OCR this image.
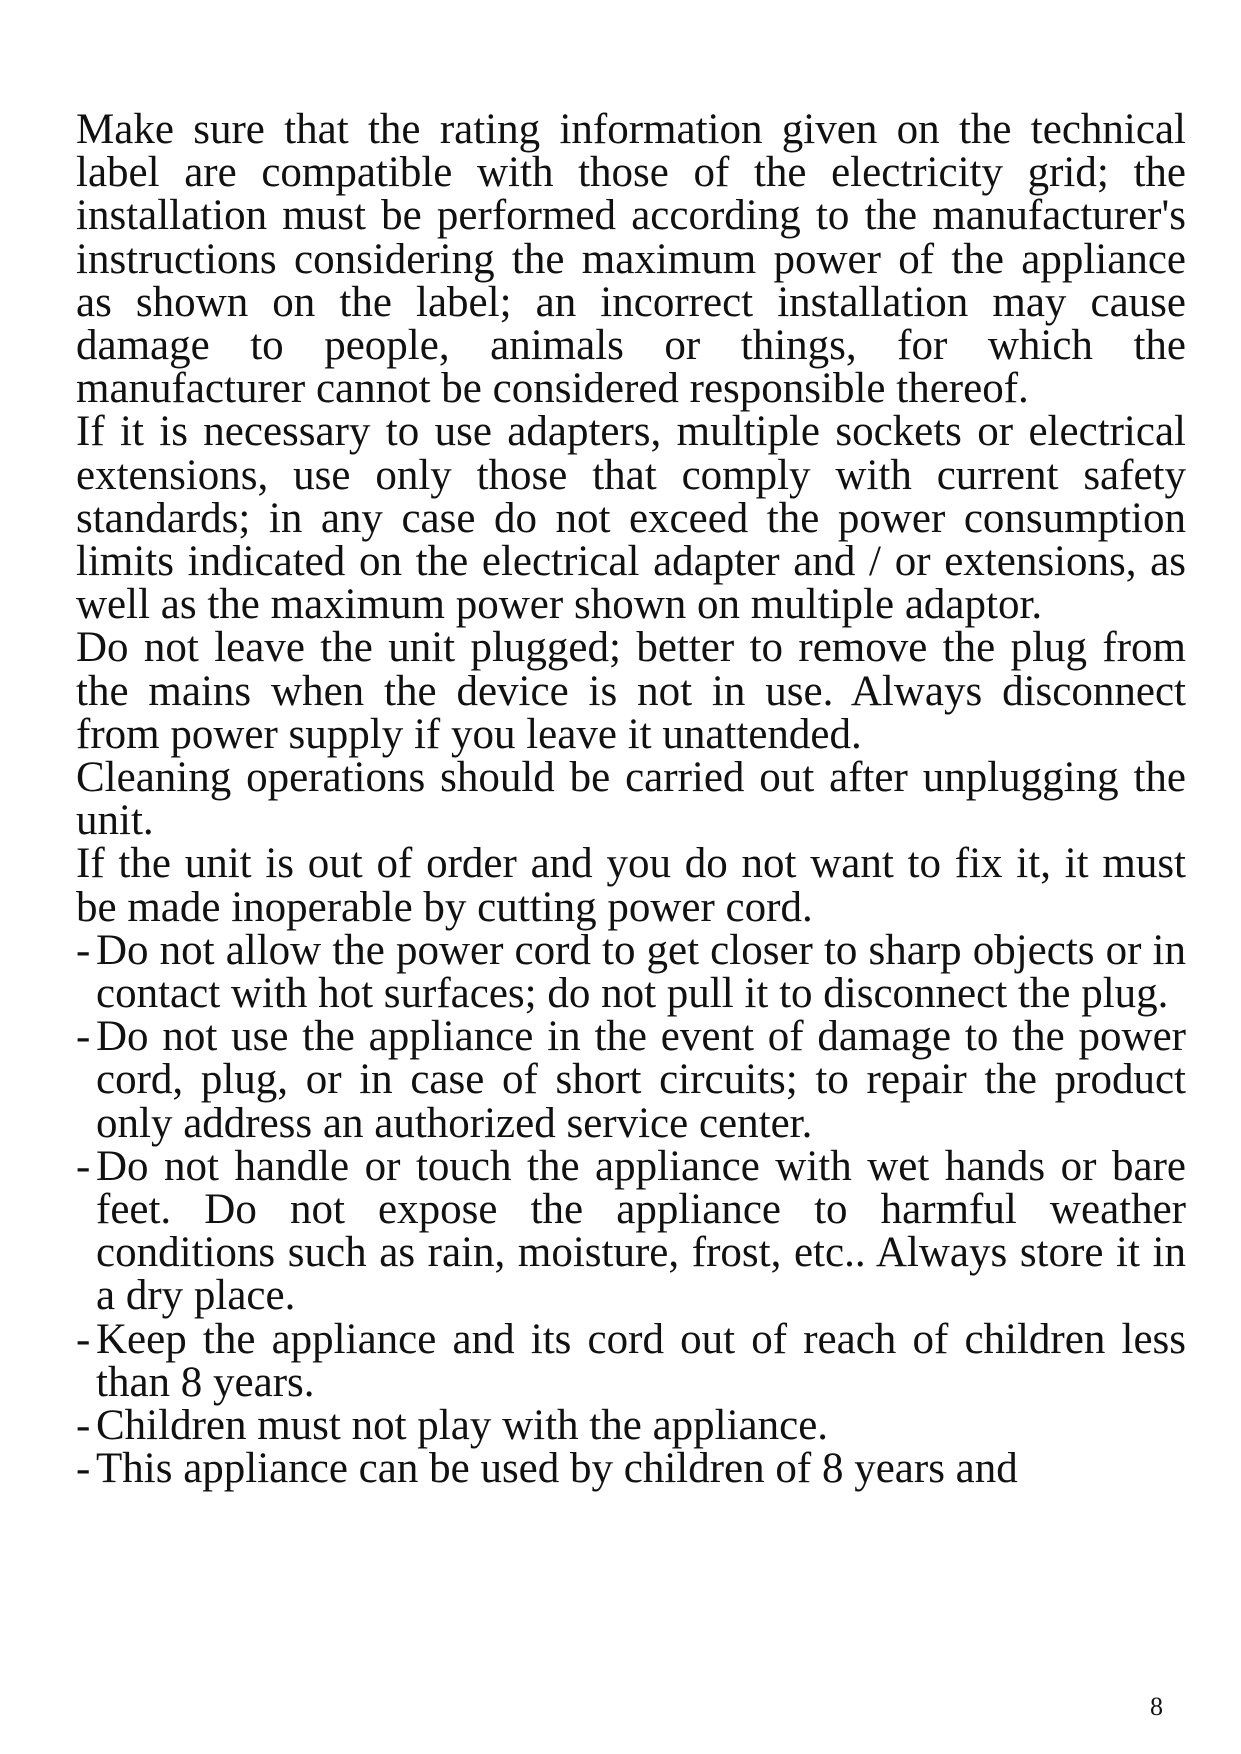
Make sure that the rating information given on the technical label are compatible with those of the electricity grid; the installation must be performed according to the manufacturer's instructions considering the maximum power of the appliance as shown on the label; an incorrect installation may cause damage to people, animals or things, for which the manufacturer cannot be considered responsible thereof.

If it is necessary to use adapters, multiple sockets or electrical extensions, use only those that comply with current safety standards; in any case do not exceed the power consumption limits indicated on the electrical adapter and / or extensions, as well as the maximum power shown on multiple adaptor.

Do not leave the unit plugged; better to remove the plug from the mains when the device is not in use. Always disconnect from power supply if you leave it unattended.

Cleaning operations should be carried out after unplugging the unit.

If the unit is out of order and you do not want to fix it, it must be made inoperable by cutting power cord.

- Do not allow the power cord to get closer to sharp objects or in contact with hot surfaces; do not pull it to disconnect the plug.
- Do not use the appliance in the event of damage to the power cord, plug, or in case of short circuits; to repair the product only address an authorized service center.
- Do not handle or touch the appliance with wet hands or bare feet. Do not expose the appliance to harmful weather conditions such as rain, moisture, frost, etc.. Always store it in a dry place.
- Keep the appliance and its cord out of reach of children less than 8 years.
- Children must not play with the appliance.
- This appliance can be used by children of 8 years and
8
